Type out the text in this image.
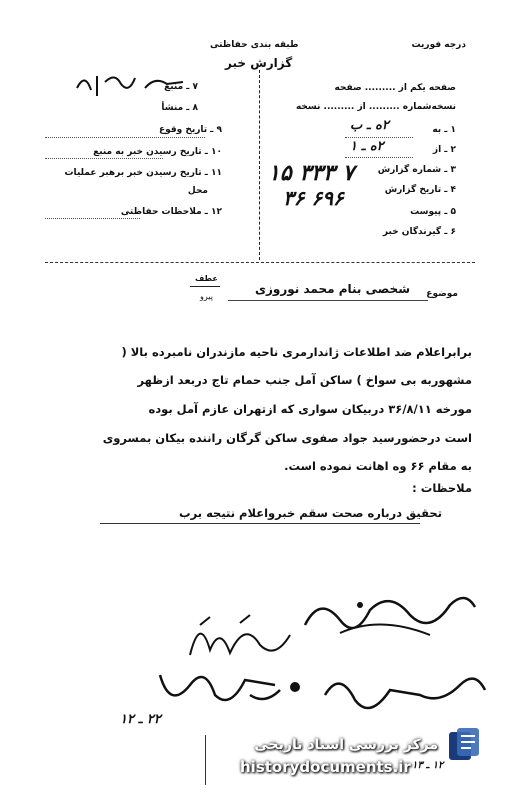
درجه فوریت
طبقه بندی حفاظتی
گزارش خبر
صفحه یکم از ......... صفحه
نسخه‌شماره ......... از ......... نسخه
۱ ـ به
۲ ـ از
۳ ـ شماره گزارش
۴ ـ تاریخ گزارش
۵ ـ پیوست
۶ ـ گیرندگان خبر
۷ ـ منبع
۸ ـ منشأ
۹ ـ تاریخ وقوع
۱۰ ـ تاریخ رسیدن خبر به منبع
۱۱ ـ تاریخ رسیدن خبر برهبر عملیات
محل
۱۲ ـ ملاحظات حفاظتی
۲ه ـ ب
۲ه ـ ۱
۷ ۳۳۳ ۱۵
۶۹۶ ۳۶
موضوع
شخصی بنام محمد نوروزی
عطف
پیرو
برابراعلام ضد اطلاعات ژاندارمری ناحیه مازندران نامبرده بالا (
مشهوربه بی سواخ ) ساکن آمل جنب حمام تاج دربعد ازظهر
مورخه ۳۶/۸/۱۱ دربیکان سواری که ازتهران عازم آمل بوده
است درحضورسید جواد صفوی ساکن گرگان راننده بیکان بمسروی
به مقام ۶۶ وه اهانت نموده است.
ملاحظات :
تحقیق درباره صحت سقم خبرواعلام نتیجه برب
۲۲ ـ ۱۲
مرکز بررسی اسناد تاریخی
historydocuments.ir ۱۲ ـ ۱۳
